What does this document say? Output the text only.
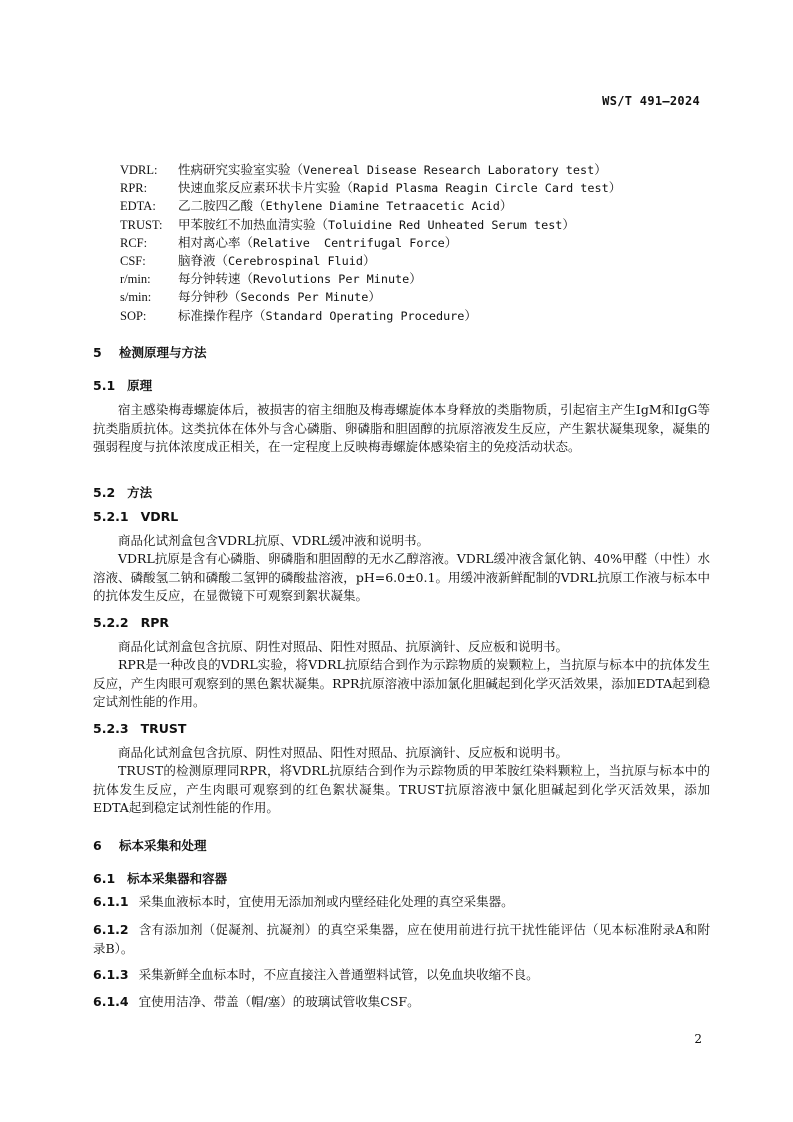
WS/T 491—2024
VDRL:	性病研究实验室实验（Venereal Disease Research Laboratory test）
RPR:	快速血浆反应素环状卡片实验（Rapid Plasma Reagin Circle Card test）
EDTA:	乙二胺四乙酸（Ethylene Diamine Tetraacetic Acid）
TRUST:	甲苯胺红不加热血清实验（Toluidine Red Unheated Serum test）
RCF:	相对离心率（Relative  Centrifugal Force）
CSF:	脑脊液（Cerebrospinal Fluid）
r/min:	每分钟转速（Revolutions Per Minute）
s/min:	每分钟秒（Seconds Per Minute）
SOP:	标准操作程序（Standard Operating Procedure）
5 检测原理与方法
5.1 原理
宿主感染梅毒螺旋体后，被损害的宿主细胞及梅毒螺旋体本身释放的类脂物质，引起宿主产生IgM和IgG等抗类脂质抗体。这类抗体在体外与含心磷脂、卵磷脂和胆固醇的抗原溶液发生反应，产生絮状凝集现象，凝集的强弱程度与抗体浓度成正相关，在一定程度上反映梅毒螺旋体感染宿主的免疫活动状态。
5.2 方法
5.2.1 VDRL
商品化试剂盒包含VDRL抗原、VDRL缓冲液和说明书。
VDRL抗原是含有心磷脂、卵磷脂和胆固醇的无水乙醇溶液。VDRL缓冲液含氯化钠、40%甲醛（中性）水溶液、磷酸氢二钠和磷酸二氢钾的磷酸盐溶液，pH=6.0±0.1。用缓冲液新鲜配制的VDRL抗原工作液与标本中的抗体发生反应，在显微镜下可观察到絮状凝集。
5.2.2 RPR
商品化试剂盒包含抗原、阴性对照品、阳性对照品、抗原滴针、反应板和说明书。
RPR是一种改良的VDRL实验，将VDRL抗原结合到作为示踪物质的炭颗粒上，当抗原与标本中的抗体发生反应，产生肉眼可观察到的黑色絮状凝集。RPR抗原溶液中添加氯化胆碱起到化学灭活效果，添加EDTA起到稳定试剂性能的作用。
5.2.3 TRUST
商品化试剂盒包含抗原、阴性对照品、阳性对照品、抗原滴针、反应板和说明书。
TRUST的检测原理同RPR，将VDRL抗原结合到作为示踪物质的甲苯胺红染料颗粒上，当抗原与标本中的抗体发生反应，产生肉眼可观察到的红色絮状凝集。TRUST抗原溶液中氯化胆碱起到化学灭活效果，添加EDTA起到稳定试剂性能的作用。
6 标本采集和处理
6.1 标本采集器和容器
6.1.1 采集血液标本时，宜使用无添加剂或内壁经硅化处理的真空采集器。
6.1.2 含有添加剂（促凝剂、抗凝剂）的真空采集器，应在使用前进行抗干扰性能评估（见本标准附录A和附录B）。
6.1.3 采集新鲜全血标本时，不应直接注入普通塑料试管，以免血块收缩不良。
6.1.4 宜使用洁净、带盖（帽/塞）的玻璃试管收集CSF。
2
